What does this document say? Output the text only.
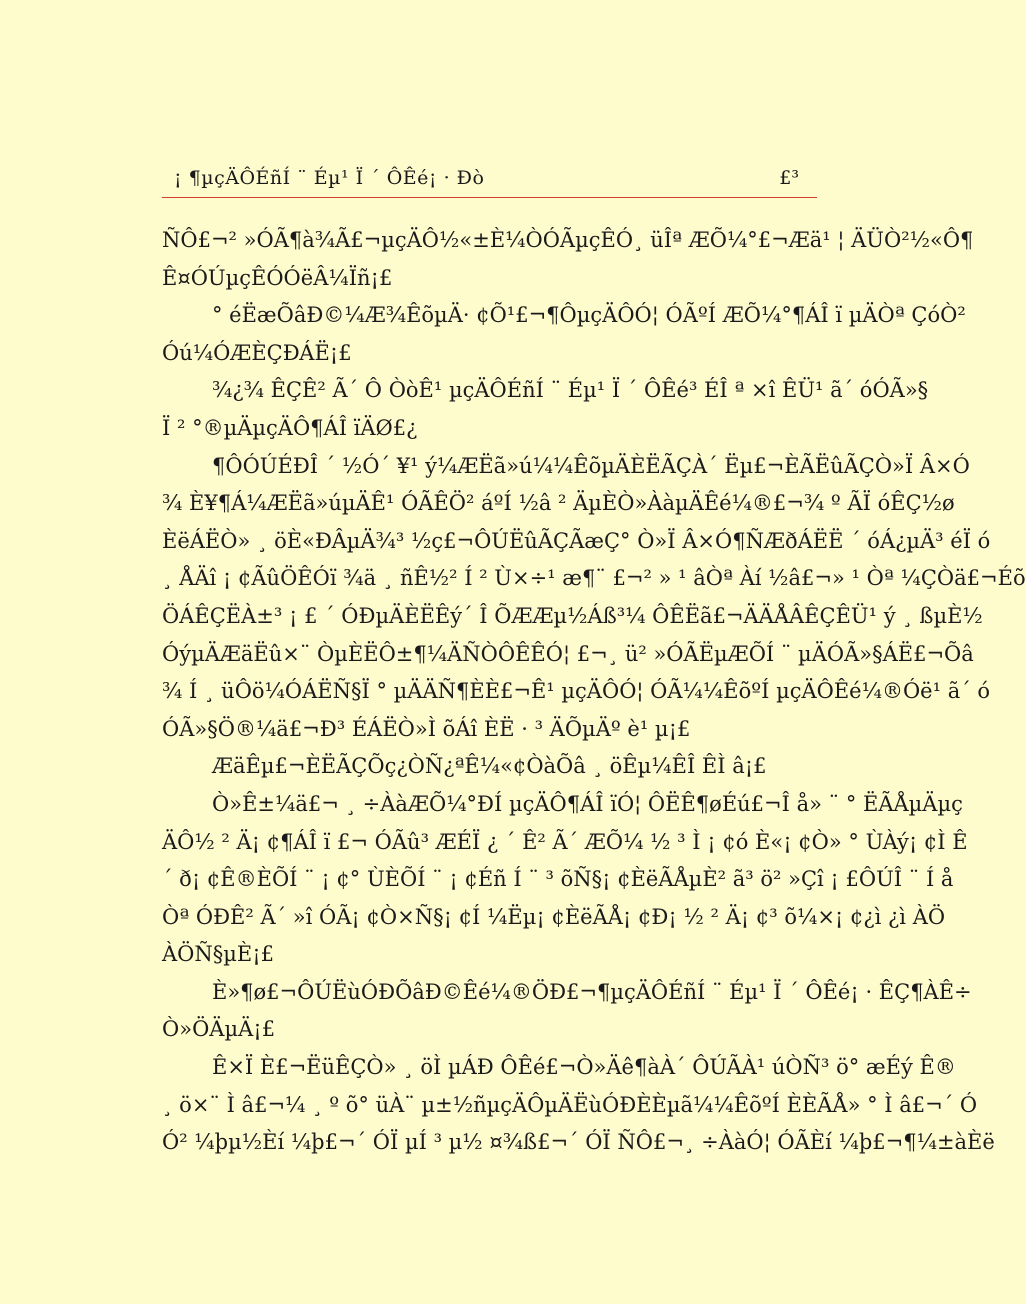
¡ ¶µçÄÔÉñÍ ¨ Éµ¹ Ï ´ ÔÊé¡ · Ðò	£³
ÑÔ£¬² »ÓÃ¶à¾Ã£¬µçÄÔ½«±È¼ÒÓÃµçÊÓ¸ üÎª ÆÕ¼°£¬Æä¹ ¦ ÄÜÒ²½«Ô¶
Ê¤ÓÚµçÊÓÓëÂ¼Ïñ¡£
° éËæÕâÐ©¼Æ¾ÊõµÄ· ¢Õ¹£¬¶ÔµçÄÔÓ¦ ÓÃºÍ ÆÕ¼°¶ÁÎ ï µÄÒª ÇóÒ²
Óú¼ÓÆÈÇÐÁË¡£
¾¿¾ ÊÇÊ² Ã´ Ô ÒòÊ¹ µçÄÔÉñÍ ¨ Éµ¹ Ï ´ ÔÊé³ ÉÎ ª ×î ÊÜ¹ ã´ óÓÃ»§
Ï ² °®µÄµçÄÔ¶ÁÎ ïÄØ£¿
¶ÔÓÚÉÐÎ ´ ½Ó´ ¥¹ ý¼ÆËã»ú¼¼ÊõµÄÈËÃÇÀ´ Ëµ£¬ÈÃËûÃÇÒ»Ï Â×Ó
¾ È¥¶Á¼ÆËã»úµÄÊ¹ ÓÃÊÖ² áºÍ ½â ² ÄµÈÒ»ÀàµÄÊé¼®£¬¾ º ÃÏ óÊÇ½ø
ÈëÁËÒ» ¸ öÈ«ÐÂµÄ¾³ ½ç£¬ÔÚËûÃÇÃæÇ° Ò»Ï Â×Ó¶ÑÆðÁËË ´ óÁ¿µÄ³ éÏ ó
¸ ÅÄî ¡ ¢ÃûÖÊÓï ¾ä ¸ ñÊ½² Í ² Ù×÷¹ æ¶¨ £¬² » ¹ âÒª Àí ½â£¬» ¹ Òª ¼ÇÒä£¬Éõ
ÖÁÊÇËÀ±³ ¡ £ ´ ÓÐµÄÈËÊý´ Î ÕÆÆµ½Áß³¼ ÔÊËã£¬ÄÄÅÂÊÇÊÜ¹ ý ¸ ßµÈ½
ÓýµÄÆäËû×¨ ÒµÈËÔ±¶¼ÄÑÒÔÊÊÓ¦ £¬¸ ü² »ÓÃËµÆÕÍ ¨ µÄÓÃ»§ÁË£¬Õâ
¾ Í ¸ üÔö¼ÓÁËÑ§Ï ° µÄÄÑ¶ÈÈ£¬Ê¹ µçÄÔÓ¦ ÓÃ¼¼ÊõºÍ µçÄÔÊé¼®Óë¹ ã´ ó
ÓÃ»§Ö®¼ä£¬Ð³ ÉÁËÒ»Ì õÁî ÈË · ³ ÄÕµÄº è¹ µ¡£
ÆäÊµ£¬ÈËÃÇÕç¿ÒÑ¿ªÊ¼«¢ÒàÕâ ¸ öÊµ¼ÊÎ ÊÌ â¡£
Ò»Ê±¼ä£¬ ¸ ÷ÀàÆÕ¼°ÐÍ µçÄÔ¶ÁÎ ïÓ¦ ÔËÊ¶øÉú£¬Î å» ¨ ° ËÃÅµÄµç
ÄÔ½ ² Ä¡ ¢¶ÁÎ ï £¬ ÓÃû³ ÆÉÏ ¿ ´ Ê² Ã´ ÆÕ¼ ½ ³ Ì ¡ ¢ó È«¡ ¢Ò» ° ÙÀý¡ ¢Ì Ê
´ ð¡ ¢Ê®ÈÕÍ ¨ ¡ ¢° ÙÈÕÍ ¨ ¡ ¢Éñ Í ¨ ³ õÑ§¡ ¢ÈëÃÅµÈ² ã³ ö² »Çî ¡ £ÔÚÎ ¨ Í å
Òª ÓÐÊ² Ã´ »î ÓÃ¡ ¢Ò×Ñ§¡ ¢Í ¼Ëµ¡ ¢ÈëÃÅ¡ ¢Ð¡ ½ ² Ä¡ ¢³ õ¼×¡ ¢¿ì ¿ì ÀÖ
ÀÖÑ§µÈ¡£
È»¶ø£¬ÔÚËùÓÐÕâÐ©Êé¼®ÖÐ£¬¶µçÄÔÉñÍ ¨ Éµ¹ Ï ´ ÔÊé¡ · ÊÇ¶ÀÊ÷
Ò»ÖÄµÄ¡£
Ê×Ï È£¬ËüÊÇÒ» ¸ öÌ µÁÐ ÔÊé£¬Ò»Äê¶àÀ´ ÔÚÃÀ¹ úÒÑ³ ö° æÉý Ê®
¸ ö×¨ Ì â£¬¼ ¸ º õ° üÀ¨ µ±½ñµçÄÔµÄËùÓÐÈÈµã¼¼ÊõºÍ ÈÈÃÅ» ° Ì â£¬´ Ó
Ó² ¼þµ½Èí ¼þ£¬´ ÓÏ µÍ ³ µ½ ¤¾ß£¬´ ÓÏ ÑÔ£¬¸ ÷ÀàÓ¦ ÓÃÈí ¼þ£¬¶¼±àÈë
